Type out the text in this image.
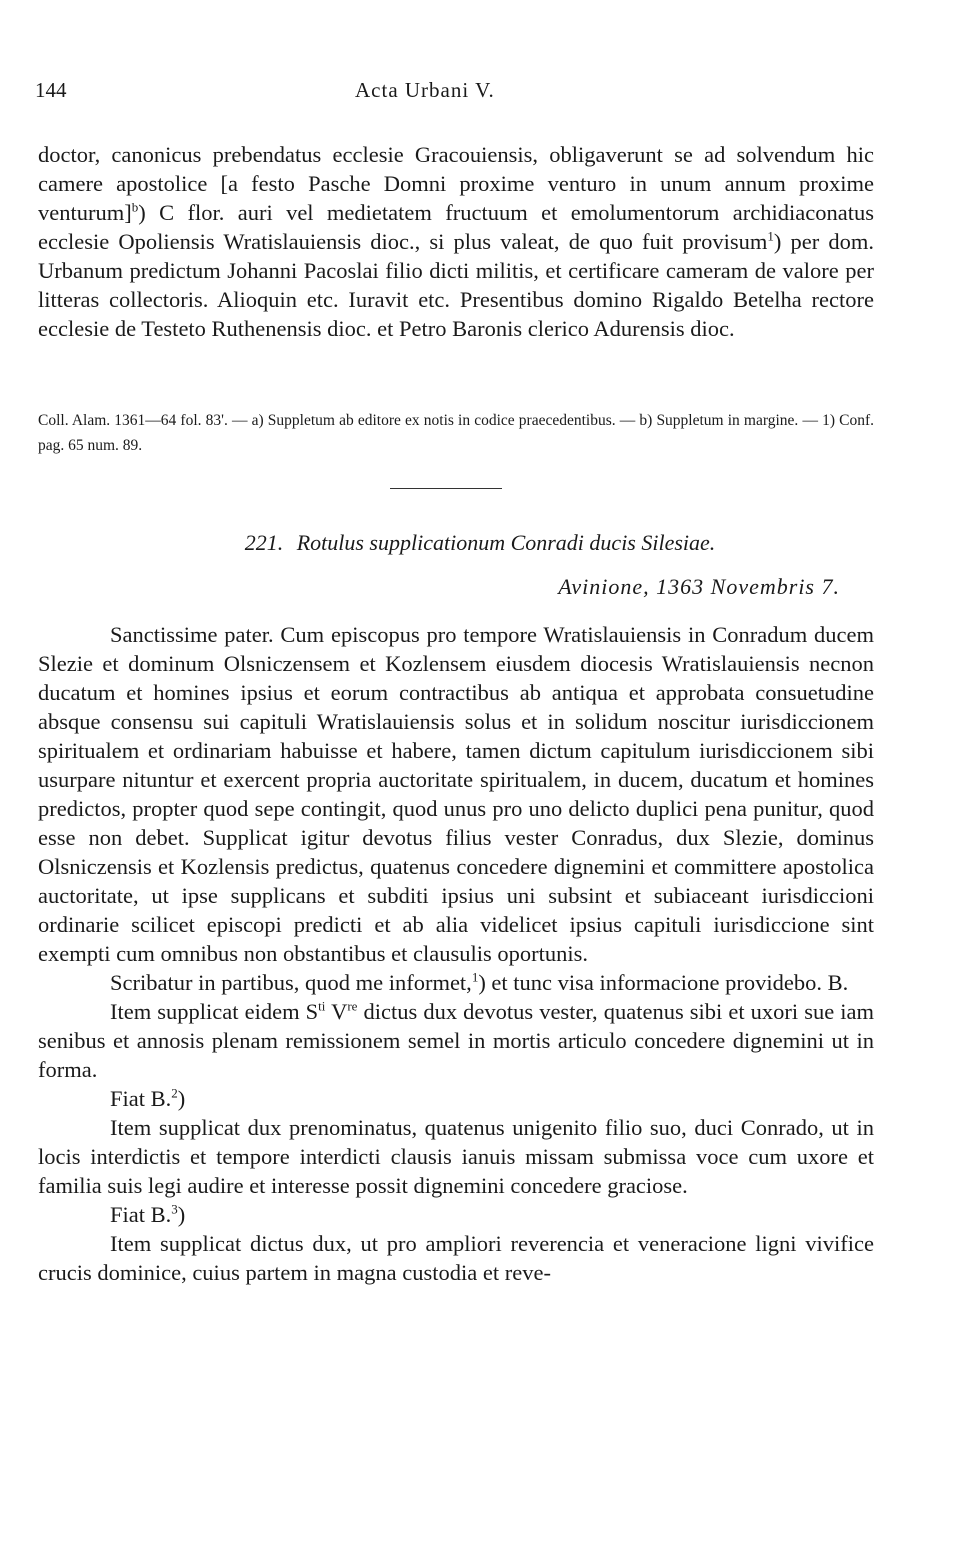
144	Acta Urbani V.

doctor, canonicus prebendatus ecclesie Gracouiensis, obligaverunt se ad solvendum hic camere apostolice [a festo Pasche Domni proxime venturo in unum annum proxime venturum]$^b$) C flor. auri vel medietatem fructuum et emolumentorum archidiaconatus ecclesie Opoliensis Wratislauiensis dioc., si plus valeat, de quo fuit provisum$^1$) per dom. Urbanum predictum Johanni Pacoslai filio dicti militis, et certificare cameram de valore per litteras collectoris. Alioquin etc. Iuravit etc. Presentibus domino Rigaldo Betelha rectore ecclesie de Testeto Ruthenensis dioc. et Petro Baronis clerico Adurensis dioc.

Coll. Alam. 1361—64 fol. 83'. — a) Suppletum ab editore ex notis in codice praecedentibus. — b) Suppletum in margine. — 1) Conf. pag. 65 num. 89.
221. Rotulus supplicationum Conradi ducis Silesiae.
Avinione, 1363 Novembris 7.

Sanctissime pater. Cum episcopus pro tempore Wratislauiensis in Conradum ducem Slezie et dominum Olsniczensem et Kozlensem eiusdem diocesis Wratislauiensis necnon ducatum et homines ipsius et eorum contractibus ab antiqua et approbata consuetudine absque consensu sui capituli Wratislauiensis solus et in solidum noscitur iurisdiccionem spiritualem et ordinariam habuisse et habere, tamen dictum capitulum iurisdiccionem sibi usurpare nituntur et exercent propria auctoritate spiritualem, in ducem, ducatum et homines predictos, propter quod sepe contingit, quod unus pro uno delicto duplici pena punitur, quod esse non debet. Supplicat igitur devotus filius vester Conradus, dux Slezie, dominus Olsniczensis et Kozlensis predictus, quatenus concedere dignemini et committere apostolica auctoritate, ut ipse supplicans et subditi ipsius uni subsint et subiaceant iurisdiccioni ordinarie scilicet episcopi predicti et ab alia videlicet ipsius capituli iurisdiccione sint exempti cum omnibus non obstantibus et clausulis oportunis.

Scribatur in partibus, quod me informet,$^1$) et tunc visa informacione providebo. B.

Item supplicat eidem $S^{ti}$ Vre dictus dux devotus vester, quatenus sibi et uxori sue iam senibus et annosis plenam remissionem semel in mortis articulo concedere dignemini ut in forma.

Fiat B.$^2$)

Item supplicat dux prenominatus, quatenus unigenito filio suo, duci Conrado, ut in locis interdictis et tempore interdicti clausis ianuis missam submissa voce cum uxore et familia suis legi audire et interesse possit dignemini concedere graciose.

Fiat B.$^3$)

Item supplicat dictus dux, ut pro ampliori reverencia et veneracione ligni vivifice crucis dominice, cuius partem in magna custodia et reve-
